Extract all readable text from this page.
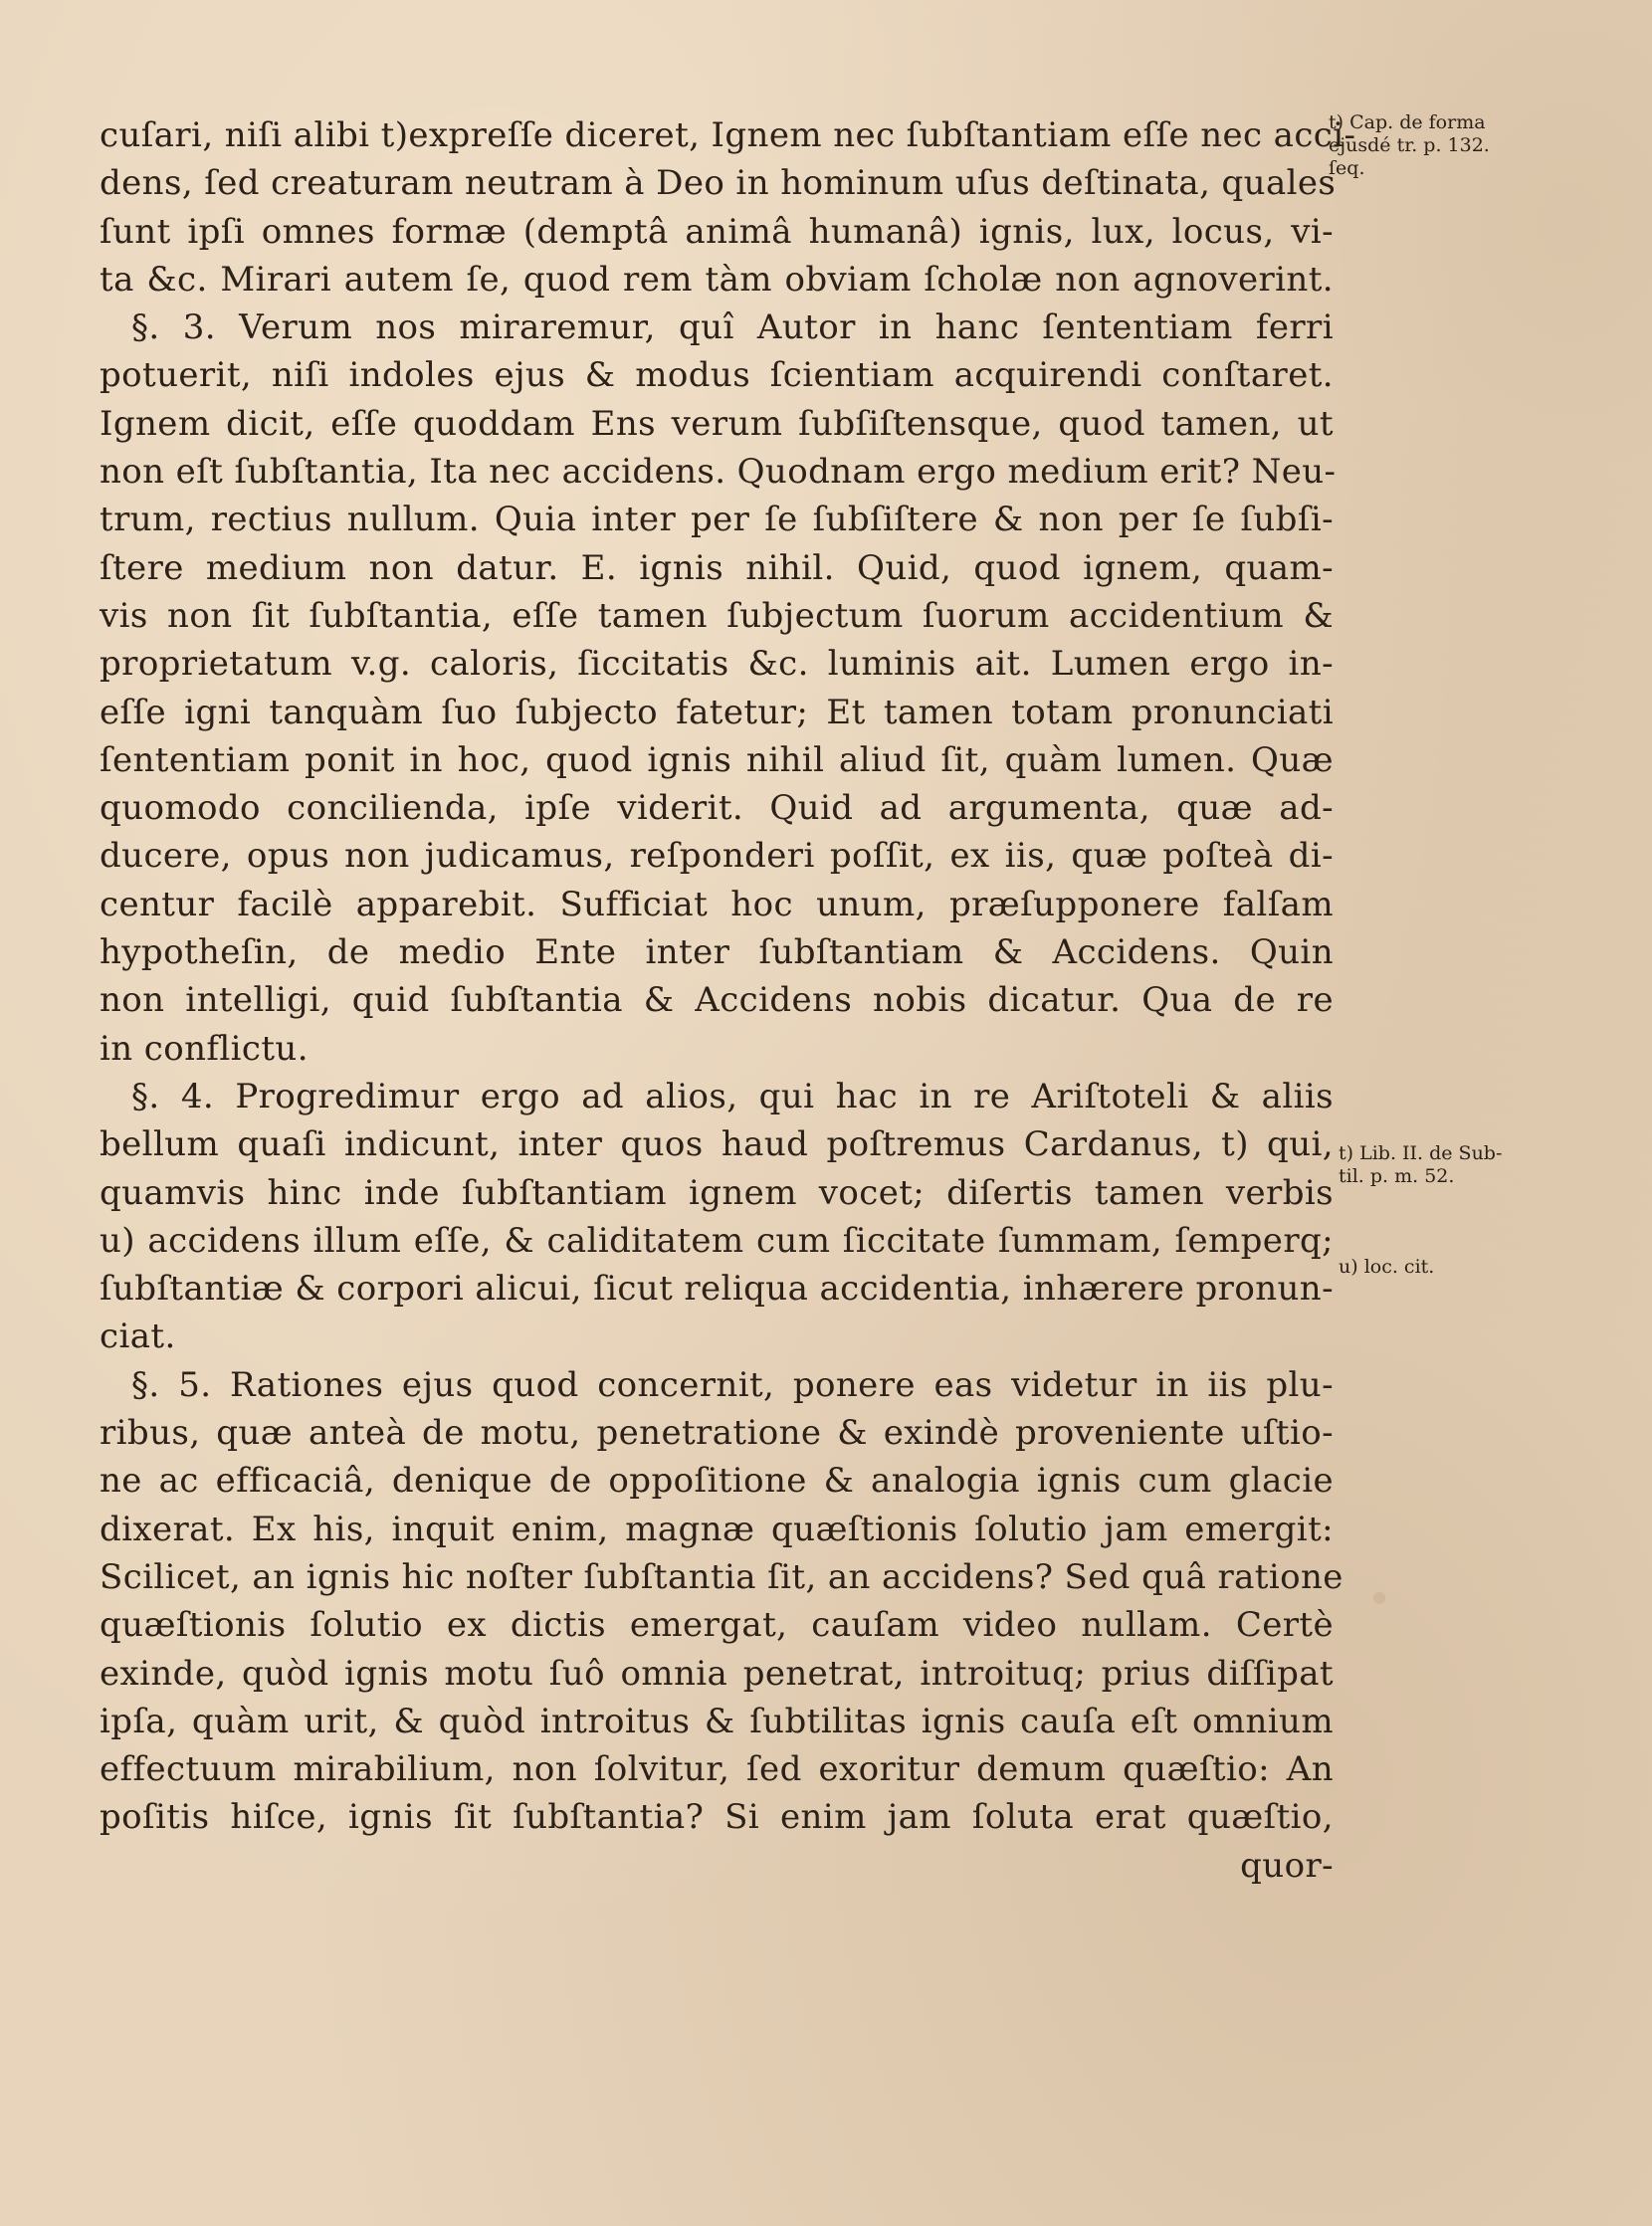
cuſari, niſi alibi t)expreſſe diceret, Ignem nec ſubſtantiam eſſe nec acci-
dens, ſed creaturam neutram à Deo in hominum uſus deſtinata, quales
ſunt ipſi omnes formæ (demptâ animâ humanâ) ignis, lux, locus, vi-
ta &c. Mirari autem ſe, quod rem tàm obviam ſcholæ non agnoverint.
§. 3. Verum nos miraremur, quî Autor in hanc ſententiam ferri
potuerit, niſi indoles ejus & modus ſcientiam acquirendi conſtaret.
Ignem dicit, eſſe quoddam Ens verum ſubſiſtensque, quod tamen, ut
non eſt ſubſtantia, Ita nec accidens. Quodnam ergo medium erit? Neu-
trum, rectius nullum. Quia inter per ſe ſubſiſtere & non per ſe ſubſi-
ſtere medium non datur. E. ignis nihil. Quid, quod ignem, quam-
vis non ſit ſubſtantia, eſſe tamen ſubjectum ſuorum accidentium &
proprietatum v.g. caloris, ſiccitatis &c. luminis ait. Lumen ergo in-
eſſe igni tanquàm ſuo ſubjecto fatetur; Et tamen totam pronunciati
ſententiam ponit in hoc, quod ignis nihil aliud ſit, quàm lumen. Quæ
quomodo concilienda, ipſe viderit. Quid ad argumenta, quæ ad-
ducere, opus non judicamus, reſponderi poſſit, ex iis, quæ poſteà di-
centur facilè apparebit. Sufficiat hoc unum, præſupponere falſam
hypotheſin, de medio Ente inter ſubſtantiam & Accidens. Quin
non intelligi, quid ſubſtantia & Accidens nobis dicatur. Qua de re
in conflictu.
§. 4. Progredimur ergo ad alios, qui hac in re Ariſtoteli & aliis
bellum quaſi indicunt, inter quos haud poſtremus Cardanus, t) qui,
quamvis hinc inde ſubſtantiam ignem vocet; diſertis tamen verbis
u) accidens illum eſſe, & caliditatem cum ſiccitate ſummam, ſemperq;
ſubſtantiæ & corpori alicui, ſicut reliqua accidentia, inhærere pronun-
ciat.
§. 5. Rationes ejus quod concernit, ponere eas videtur in iis plu-
ribus, quæ anteà de motu, penetratione & exindè proveniente uſtio-
ne ac efficaciâ, denique de oppoſitione & analogia ignis cum glacie
dixerat. Ex his, inquit enim, magnæ quæſtionis ſolutio jam emergit:
Scilicet, an ignis hic noſter ſubſtantia ſit, an accidens? Sed quâ ratione
quæſtionis ſolutio ex dictis emergat, cauſam video nullam. Certè
exinde, quòd ignis motu ſuô omnia penetrat, introituq; prius diſſipat
ipſa, quàm urit, & quòd introitus & ſubtilitas ignis cauſa eſt omnium
effectuum mirabilium, non ſolvitur, ſed exoritur demum quæſtio: An
poſitis hiſce, ignis ſit ſubſtantia? Si enim jam ſoluta erat quæſtio,
quor-
t) Cap. de forma
ejusdé tr. p. 132.
ſeq.
t) Lib. II. de Sub-
til. p. m. 52.
u) loc. cit.
